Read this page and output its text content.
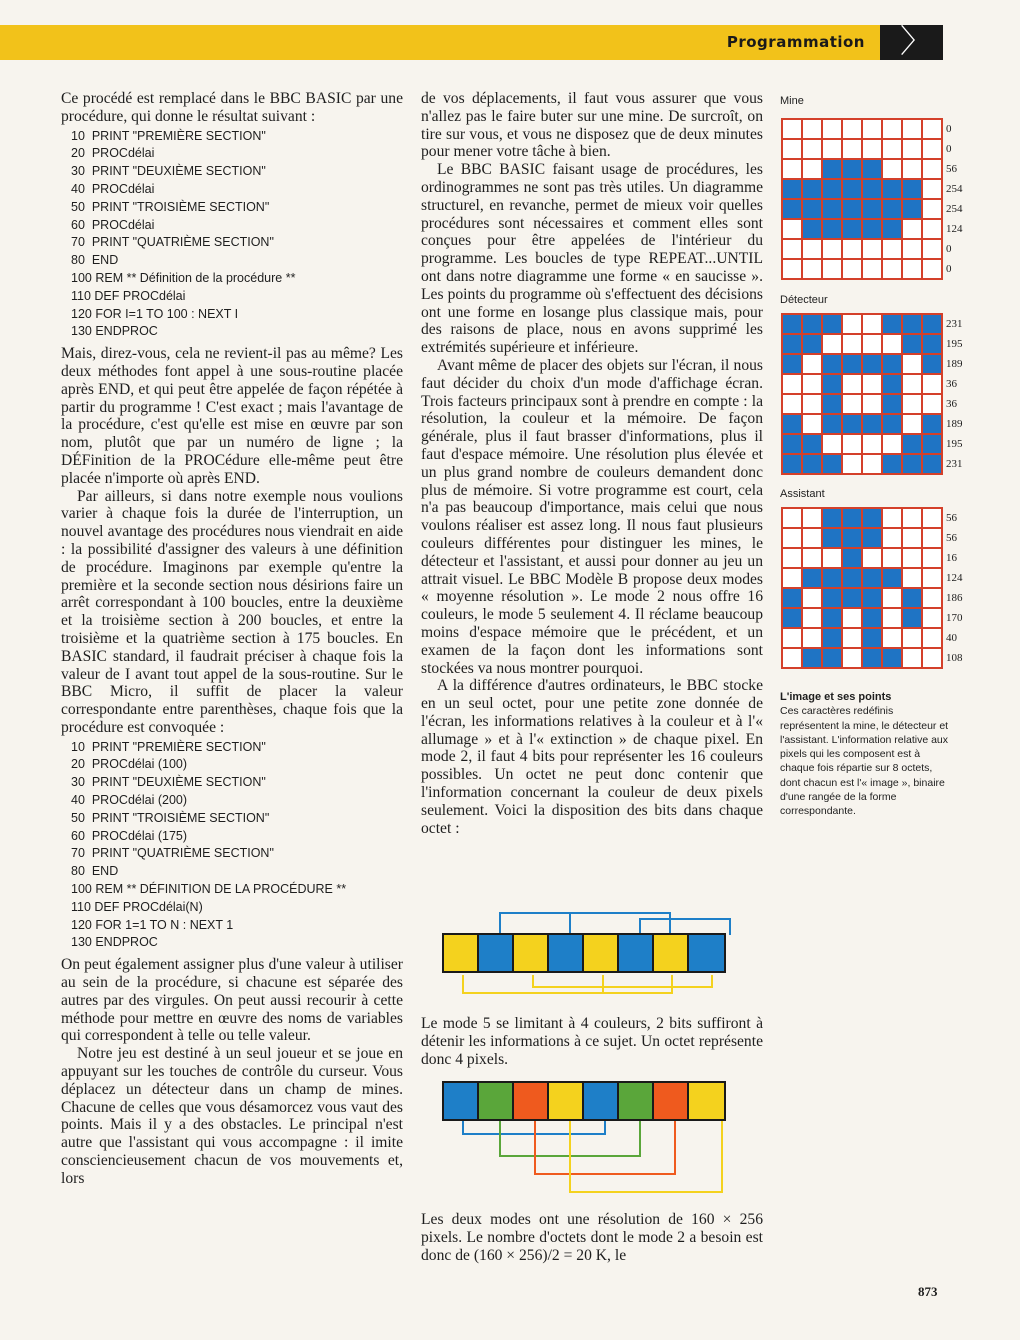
Programmation 〉

Ce procédé est remplacé dans le BBC BASIC par une procédure, qui donne le résultat suivant :

10  PRINT "PREMIÈRE SECTION"
20  PROCdélai
30  PRINT "DEUXIÈME SECTION"
40  PROCdélai
50  PRINT "TROISIÈME SECTION"
60  PROCdélai
70  PRINT "QUATRIÈME SECTION"
80  END
100 REM ** Définition de la procédure **
110 DEF PROCdélai
120 FOR I=1 TO 100 : NEXT I
130 ENDPROC

Mais, direz-vous, cela ne revient-il pas au même? Les deux méthodes font appel à une sous-routine placée après END, et qui peut être appelée de façon répétée à partir du programme ! C'est exact ; mais l'avantage de la procédure, c'est qu'elle est mise en œuvre par son nom, plutôt que par un numéro de ligne ; la DÉFinition de la PROCédure elle-même peut être placée n'importe où après END.

Par ailleurs, si dans notre exemple nous voulions varier à chaque fois la durée de l'interruption, un nouvel avantage des procédures nous viendrait en aide : la possibilité d'assigner des valeurs à une définition de procédure. Imaginons par exemple qu'entre la première et la seconde section nous désirions faire un arrêt correspondant à 100 boucles, entre la deuxième et la troisième section à 200 boucles, et entre la troisième et la quatrième section à 175 boucles. En BASIC standard, il faudrait préciser à chaque fois la valeur de I avant tout appel de la sous-routine. Sur le BBC Micro, il suffit de placer la valeur correspondante entre parenthèses, chaque fois que la procédure est convoquée :

10  PRINT "PREMIÈRE SECTION"
20  PROCdélai (100)
30  PRINT "DEUXIÈME SECTION"
40  PROCdélai (200)
50  PRINT "TROISIÈME SECTION"
60  PROCdélai (175)
70  PRINT "QUATRIÈME SECTION"
80  END
100 REM ** DÉFINITION DE LA PROCÉDURE **
110 DEF PROCdélai(N)
120 FOR 1=1 TO N : NEXT 1
130 ENDPROC

On peut également assigner plus d'une valeur à utiliser au sein de la procédure, si chacune est séparée des autres par des virgules. On peut aussi recourir à cette méthode pour mettre en œuvre des noms de variables qui correspondent à telle ou telle valeur.

Notre jeu est destiné à un seul joueur et se joue en appuyant sur les touches de contrôle du curseur. Vous déplacez un détecteur dans un champ de mines. Chacune de celles que vous désamorcez vous vaut des points. Mais il y a des obstacles. Le principal n'est autre que l'assistant qui vous accompagne : il imite consciencieusement chacun de vos mouvements et, lors

de vos déplacements, il faut vous assurer que vous n'allez pas le faire buter sur une mine. De surcroît, on tire sur vous, et vous ne disposez que de deux minutes pour mener votre tâche à bien.

Le BBC BASIC faisant usage de procédures, les ordinogrammes ne sont pas très utiles. Un diagramme structurel, en revanche, permet de mieux voir quelles procédures sont nécessaires et comment elles sont conçues pour être appelées de l'intérieur du programme. Les boucles de type REPEAT...UNTIL ont dans notre diagramme une forme « en saucisse ». Les points du programme où s'effectuent des décisions ont une forme en losange plus classique mais, pour des raisons de place, nous en avons supprimé les extrémités supérieure et inférieure.

Avant même de placer des objets sur l'écran, il nous faut décider du choix d'un mode d'affichage écran. Trois facteurs principaux sont à prendre en compte : la résolution, la couleur et la mémoire. De façon générale, plus il faut brasser d'informations, plus il faut d'espace mémoire. Une résolution plus élevée et un plus grand nombre de couleurs demandent donc plus de mémoire. Si votre programme est court, cela n'a pas beaucoup d'importance, mais celui que nous voulons réaliser est assez long. Il nous faut plusieurs couleurs différentes pour distinguer les mines, le détecteur et l'assistant, et aussi pour donner au jeu un attrait visuel. Le BBC Modèle B propose deux modes « moyenne résolution ». Le mode 2 nous offre 16 couleurs, le mode 5 seulement 4. Il réclame beaucoup moins d'espace mémoire que le précédent, et un examen de la façon dont les informations sont stockées va nous montrer pourquoi.

A la différence d'autres ordinateurs, le BBC stocke en un seul octet, pour une petite zone donnée de l'écran, les informations relatives à la couleur et à l'« allumage » et à l'« extinction » de chaque pixel. En mode 2, il faut 4 bits pour représenter les 16 couleurs possibles. Un octet ne peut donc contenir que l'information concernant la couleur de deux pixels seulement. Voici la disposition des bits dans chaque octet :

Le mode 5 se limitant à 4 couleurs, 2 bits suffiront à détenir les informations à ce sujet. Un octet représente donc 4 pixels.

Les deux modes ont une résolution de 160 × 256 pixels. Le nombre d'octets dont le mode 2 a besoin est donc de (160 × 256)/2 = 20 K, le

Mine
0
0
56
254
254
124
0
0
Détecteur
231
195
189
36
36
189
195
231
Assistant
56
56
16
124
186
170
40
108
L'image et ses points
Ces caractères redéfinis représentent la mine, le détecteur et l'assistant. L'information relative aux pixels qui les composent est à chaque fois répartie sur 8 octets, dont chacun est l'« image », binaire d'une rangée de la forme correspondante.
873
